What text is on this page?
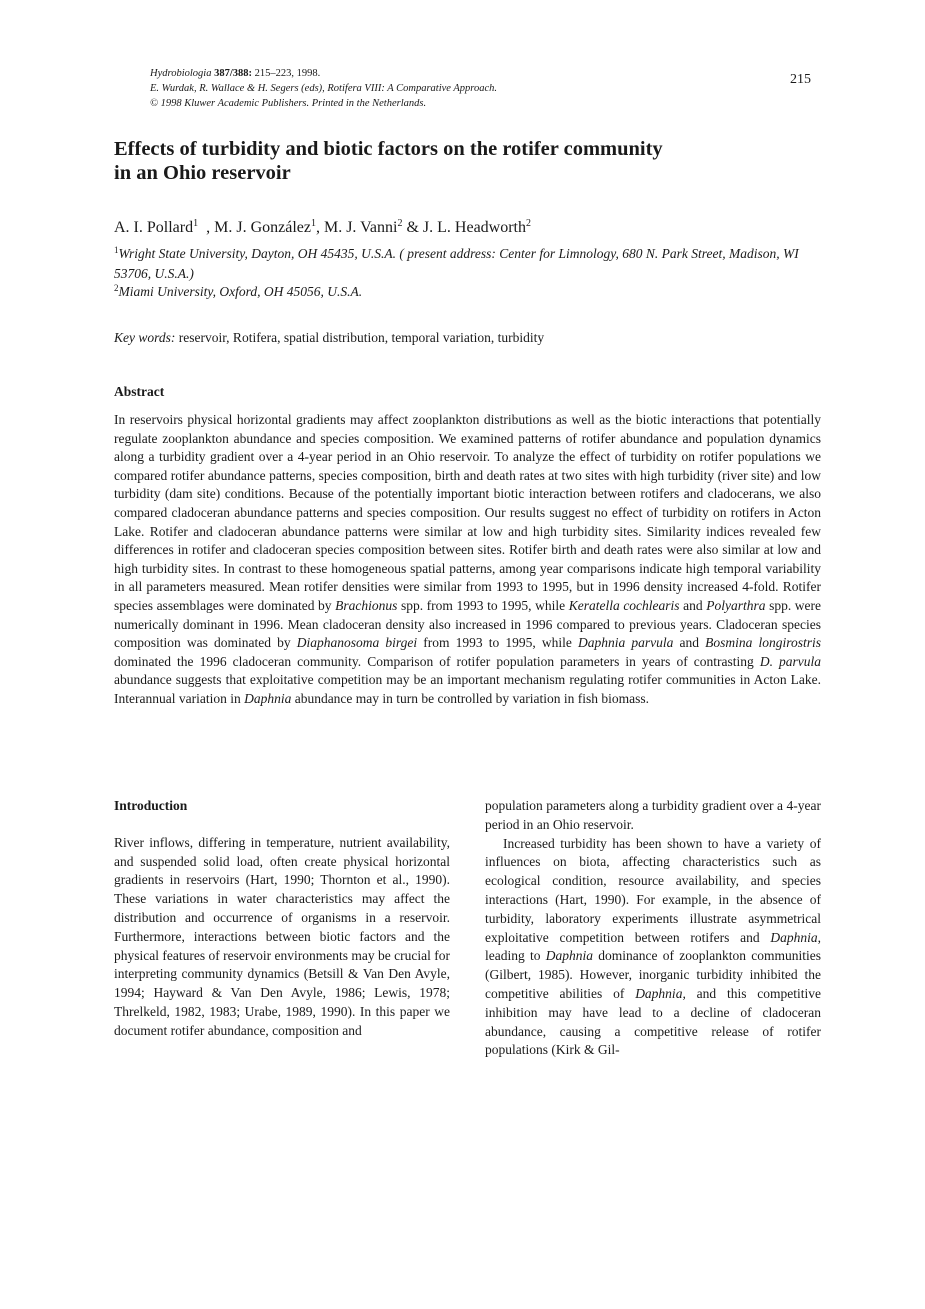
Hydrobiologia 387/388: 215–223, 1998.
E. Wurdak, R. Wallace & H. Segers (eds), Rotifera VIII: A Comparative Approach.
© 1998 Kluwer Academic Publishers. Printed in the Netherlands.
215
Effects of turbidity and biotic factors on the rotifer community
in an Ohio reservoir
A. I. Pollard$^1$ , M. J. González$^1$, M. J. Vanni$^2$ & J. L. Headworth$^2$
$^1$Wright State University, Dayton, OH 45435, U.S.A. ( present address: Center for Limnology, 680 N. Park Street, Madison, WI 53706, U.S.A.)
$^2$Miami University, Oxford, OH 45056, U.S.A.
Key words: reservoir, Rotifera, spatial distribution, temporal variation, turbidity
Abstract
In reservoirs physical horizontal gradients may affect zooplankton distributions as well as the biotic interactions that potentially regulate zooplankton abundance and species composition. We examined patterns of rotifer abundance and population dynamics along a turbidity gradient over a 4-year period in an Ohio reservoir. To analyze the effect of turbidity on rotifer populations we compared rotifer abundance patterns, species composition, birth and death rates at two sites with high turbidity (river site) and low turbidity (dam site) conditions. Because of the potentially important biotic interaction between rotifers and cladocerans, we also compared cladoceran abundance patterns and species composition. Our results suggest no effect of turbidity on rotifers in Acton Lake. Rotifer and cladoceran abundance patterns were similar at low and high turbidity sites. Similarity indices revealed few differences in rotifer and cladoceran species composition between sites. Rotifer birth and death rates were also similar at low and high turbidity sites. In contrast to these homogeneous spatial patterns, among year comparisons indicate high temporal variability in all parameters measured. Mean rotifer densities were similar from 1993 to 1995, but in 1996 density increased 4-fold. Rotifer species assemblages were dominated by Brachionus spp. from 1993 to 1995, while Keratella cochlearis and Polyarthra spp. were numerically dominant in 1996. Mean cladoceran density also increased in 1996 compared to previous years. Cladoceran species composition was dominated by Diaphanosoma birgei from 1993 to 1995, while Daphnia parvula and Bosmina longirostris dominated the 1996 cladoceran community. Comparison of rotifer population parameters in years of contrasting D. parvula abundance suggests that exploitative competition may be an important mechanism regulating rotifer communities in Acton Lake. Interannual variation in Daphnia abundance may in turn be controlled by variation in fish biomass.
Introduction

River inflows, differing in temperature, nutrient availability, and suspended solid load, often create physical horizontal gradients in reservoirs (Hart, 1990; Thornton et al., 1990). These variations in water characteristics may affect the distribution and occurrence of organisms in a reservoir. Furthermore, interactions between biotic factors and the physical features of reservoir environments may be crucial for interpreting community dynamics (Betsill & Van Den Avyle, 1994; Hayward & Van Den Avyle, 1986; Lewis, 1978; Threlkeld, 1982, 1983; Urabe, 1989, 1990). In this paper we document rotifer abundance, composition and

population parameters along a turbidity gradient over a 4-year period in an Ohio reservoir.

Increased turbidity has been shown to have a variety of influences on biota, affecting characteristics such as ecological condition, resource availability, and species interactions (Hart, 1990). For example, in the absence of turbidity, laboratory experiments illustrate asymmetrical exploitative competition between rotifers and Daphnia, leading to Daphnia dominance of zooplankton communities (Gilbert, 1985). However, inorganic turbidity inhibited the competitive abilities of Daphnia, and this competitive inhibition may have lead to a decline of cladoceran abundance, causing a competitive release of rotifer populations (Kirk & Gil-
